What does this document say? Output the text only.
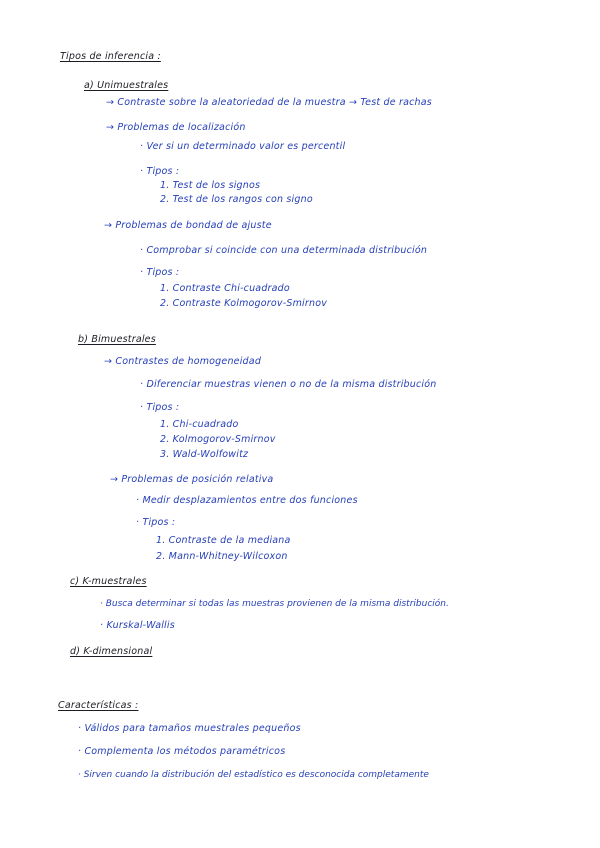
Tipos de inferencia :
a) Unimuestrales
→ Contraste sobre la aleatoriedad de la muestra → Test de rachas
→ Problemas de localización
· Ver si un determinado valor es percentil
· Tipos :
1. Test de los signos
2. Test de los rangos con signo
→ Problemas de bondad de ajuste
· Comprobar si coincide con una determinada distribución
· Tipos :
1. Contraste Chi-cuadrado
2. Contraste Kolmogorov-Smirnov
b) Bimuestrales
→ Contrastes de homogeneidad
· Diferenciar muestras vienen o no de la misma distribución
· Tipos :
1. Chi-cuadrado
2. Kolmogorov-Smirnov
3. Wald-Wolfowitz
→ Problemas de posición relativa
· Medir desplazamientos entre dos funciones
· Tipos :
1. Contraste de la mediana
2. Mann-Whitney-Wilcoxon
c) K-muestrales
· Busca determinar si todas las muestras provienen de la misma distribución.
· Kurskal-Wallis
d) K-dimensional
Características :
· Válidos para tamaños muestrales pequeños
· Complementa los métodos paramétricos
· Sirven cuando la distribución del estadístico es desconocida completamente
